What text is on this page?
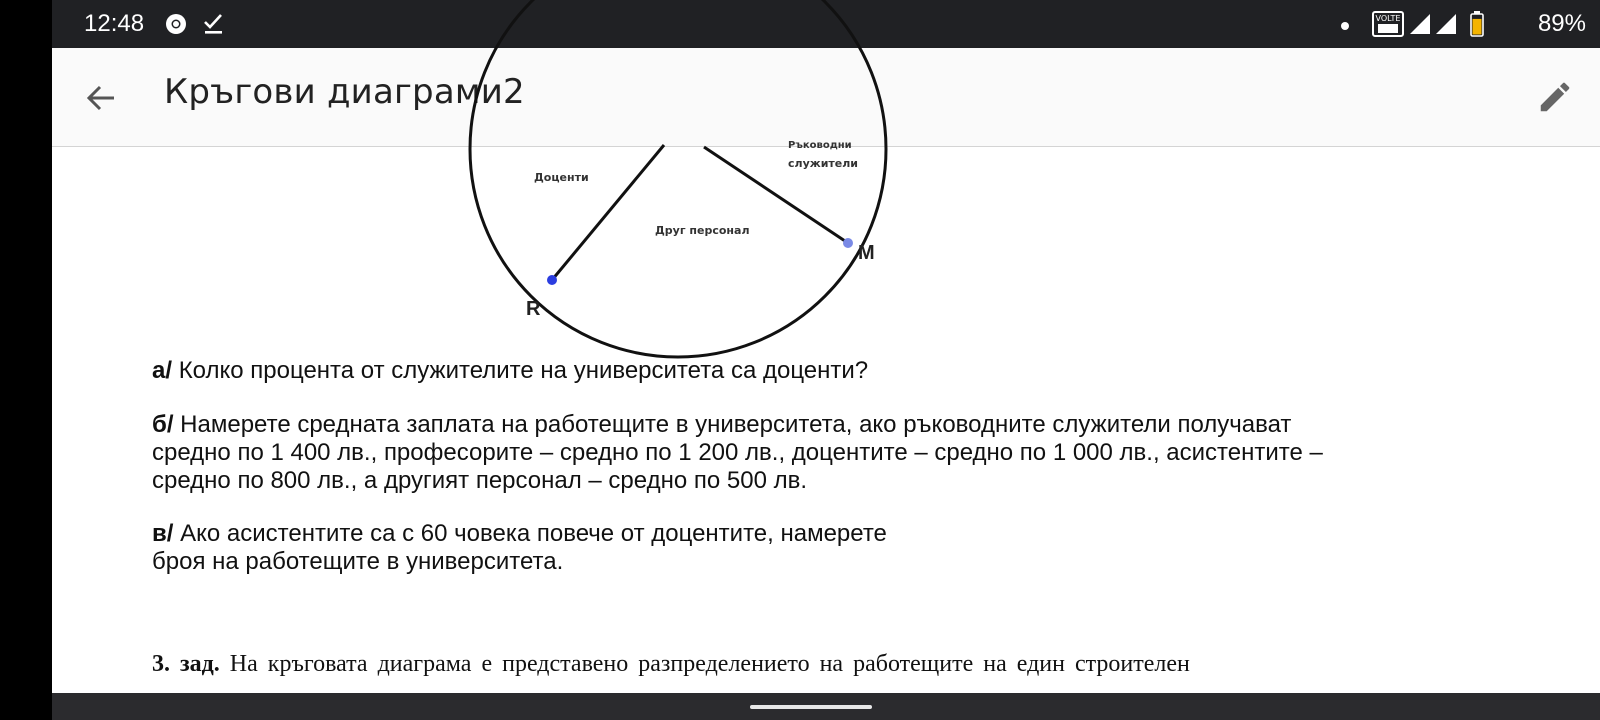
12:48	VOLTE	89%
Кръгови диаграми2
Доценти
Ръководни
служители
Друг персонал
R
M
а/ Колко процента от служителите на университета са доценти?
б/ Намерете средната заплата на работещите в университета, ако ръководните служители получават
средно по 1 400 лв., професорите – средно по 1 200 лв., доцентите – средно по 1 000 лв., асистентите –
средно по 800 лв., а другият персонал – средно по 500 лв.
в/ Ако асистентите са с 60 човека повече от доцентите, намерете
броя на работещите в университета.
3. зад. На кръговата диаграма е представено разпределението на работещите на един строителен
